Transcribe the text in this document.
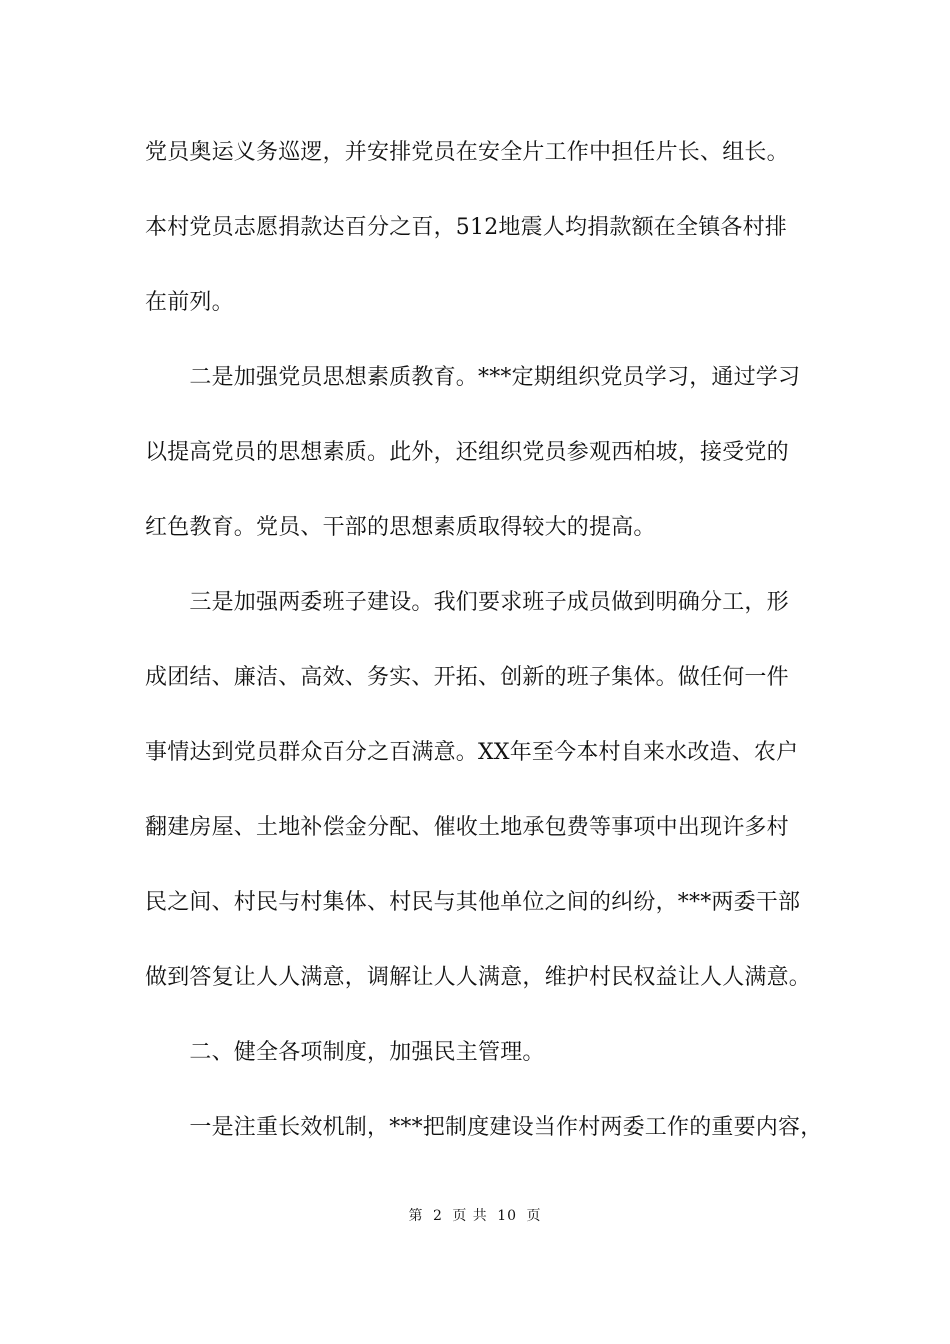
党员奥运义务巡逻，并安排党员在安全片工作中担任片长、组长。
本村党员志愿捐款达百分之百，512地震人均捐款额在全镇各村排
在前列。
　　二是加强党员思想素质教育。***定期组织党员学习，通过学习
以提高党员的思想素质。此外，还组织党员参观西柏坡，接受党的
红色教育。党员、干部的思想素质取得较大的提高。
　　三是加强两委班子建设。我们要求班子成员做到明确分工，形
成团结、廉洁、高效、务实、开拓、创新的班子集体。做任何一件
事情达到党员群众百分之百满意。XX年至今本村自来水改造、农户
翻建房屋、土地补偿金分配、催收土地承包费等事项中出现许多村
民之间、村民与村集体、村民与其他单位之间的纠纷，***两委干部
做到答复让人人满意，调解让人人满意，维护村民权益让人人满意。
　　二、健全各项制度，加强民主管理。
　　一是注重长效机制，***把制度建设当作村两委工作的重要内容，
第 2 页 共 10 页
